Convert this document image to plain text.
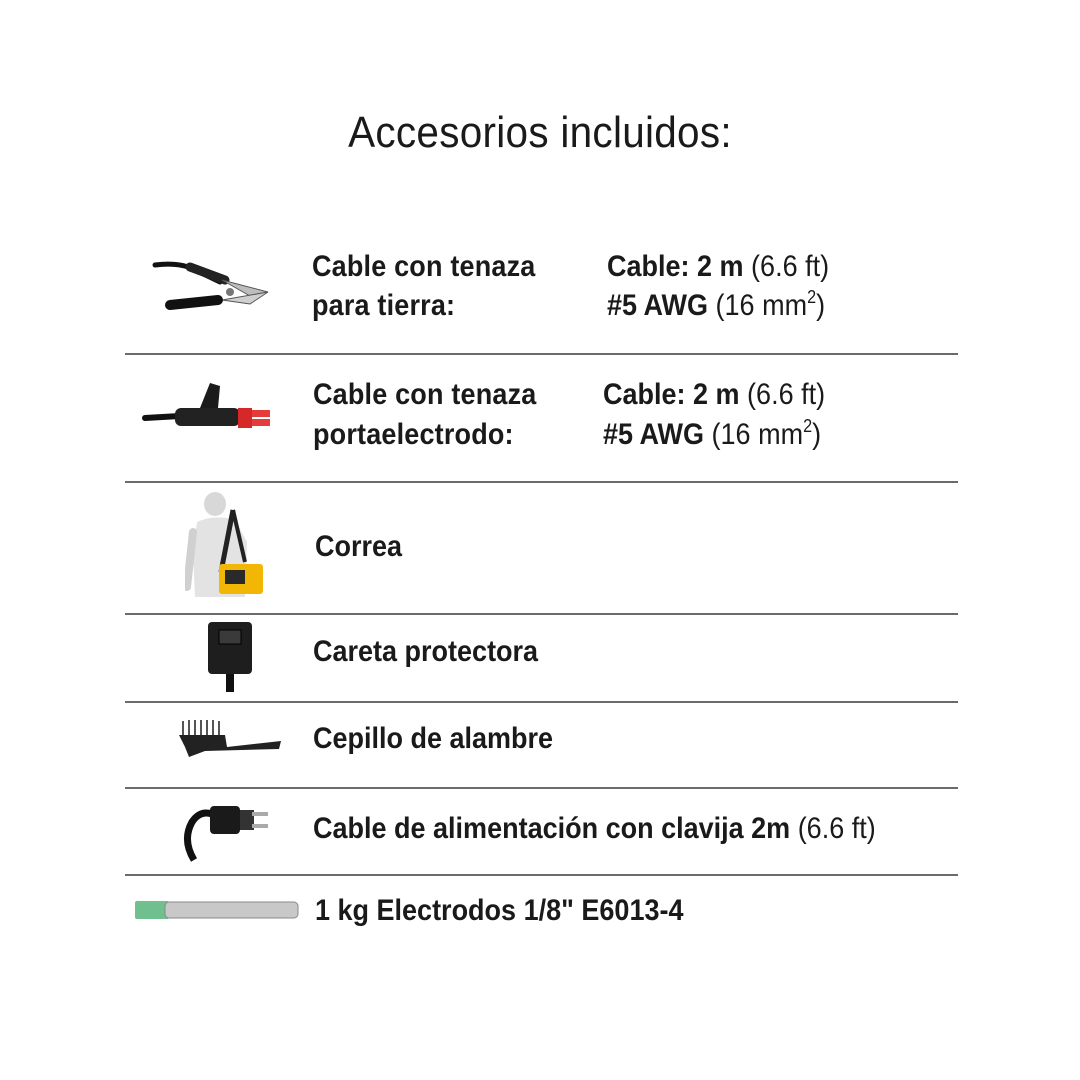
Accesorios incluidos:
Cable con tenaza
para tierra:
Cable: 2 m (6.6 ft)
#5 AWG (16 $mm^2$)
Cable con tenaza
portaelectrodo:
Cable: 2 m (6.6 ft)
#5 AWG (16 $mm^2$)
Correa
Careta protectora
Cepillo de alambre
Cable de alimentación con clavija 2m (6.6 ft)
1 kg Electrodos 1/8" E6013-4
